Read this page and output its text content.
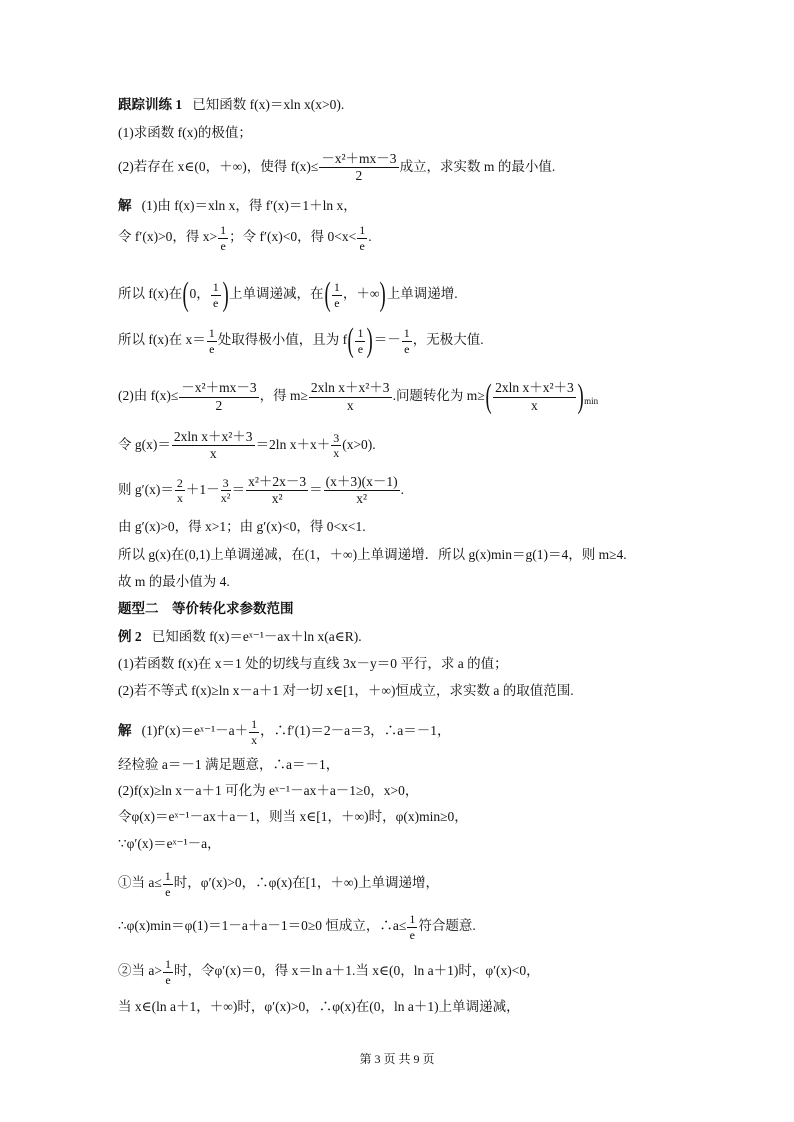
跟踪训练 1 已知函数 f(x)＝xln x(x>0).
(1)求函数 f(x)的极值；
(2)若存在 x∈(0，＋∞)，使得 $f(x)\le \frac{\text{－x²＋mx－3}}{2}$ 成立，求实数 m 的最小值.
解 (1)由 f(x)＝xln x，得 f′(x)＝1＋ln x，
令 f′(x)>0，得 $x> \frac{1}{e}$ ；令 f′(x)<0，得 $0<x< \frac{1}{e}$ .
所以 f(x)在(0， $\frac{1}{e}$ )上单调递减，在( $\frac{1}{e}$ ，＋∞)上单调递增.
所以 f(x)在 $x= \frac{1}{e}$ 处取得极小值，且为 $f( \frac{1}{e}$ )＝－ $\frac{1}{e}$ ，无极大值.
(2)由 $f(x)\le \frac{\text{－x²＋mx－3}}{2}$ ，得 $m\ge \frac{\text{2xln x＋x²＋3}}{x}$ .问题转化为 $m\ge( \frac{\text{2xln x＋x²＋3}}{x} )_{min}$
令 $g(x)= \frac{\text{2xln x＋x²＋3}}{x} =2\ln$ $x+x+ \frac{3}{x} (x>0)$.
则 $g'(x)= \frac{2}{x} +1- \frac{3}{\text{x²}} = \frac{\text{x²＋2x－3}}{\text{x²}} = \frac{(x+3)(x-1)}{\text{x²}}$ .
由 g′(x)>0，得 x>1；由 g′(x)<0，得 0<x<1.
所以 g(x)在(0,1)上单调递减，在(1，＋∞)上单调递增．所以 g(x)min＝g(1)＝4，则 m≥4.
故 m 的最小值为 4.
题型二　等价转化求参数范围
例 2 已知函数 f(x)＝eˣ⁻¹－ax＋ln x(a∈R).
(1)若函数 f(x)在 x＝1 处的切线与直线 3x－y＝0 平行，求 a 的值；
(2)若不等式 f(x)≥ln x－a＋1 对一切 x∈[1，＋∞)恒成立，求实数 a 的取值范围.
解 (1)f′(x)＝eˣ⁻¹－a＋ $\frac{1}{x}$ ，∴f′(1)＝2－a＝3，∴a＝－1，
经检验 a＝－1 满足题意，∴a＝－1，
(2)f(x)≥ln x－a＋1 可化为 eˣ⁻¹－ax＋a－1≥0，x>0，
令φ(x)＝eˣ⁻¹－ax＋a－1，则当 x∈[1，＋∞)时，φ(x)min≥0，
∵φ′(x)＝eˣ⁻¹－a，
①当 $a\le \frac{1}{e}$ 时，φ′(x)>0，∴φ(x)在[1，＋∞)上单调递增，
∴φ(x)min＝φ(1)＝1－a＋a－1＝0≥0 恒成立，∴a≤ $\frac{1}{e}$ 符合题意.
②当 $a> \frac{1}{e}$ 时，令φ′(x)＝0，得 x＝ln a＋1.当 x∈(0，ln a＋1)时，φ′(x)<0，
当 x∈(ln a＋1，＋∞)时，φ′(x)>0，∴φ(x)在(0，ln a＋1)上单调递减，
第 3 页 共 9 页
